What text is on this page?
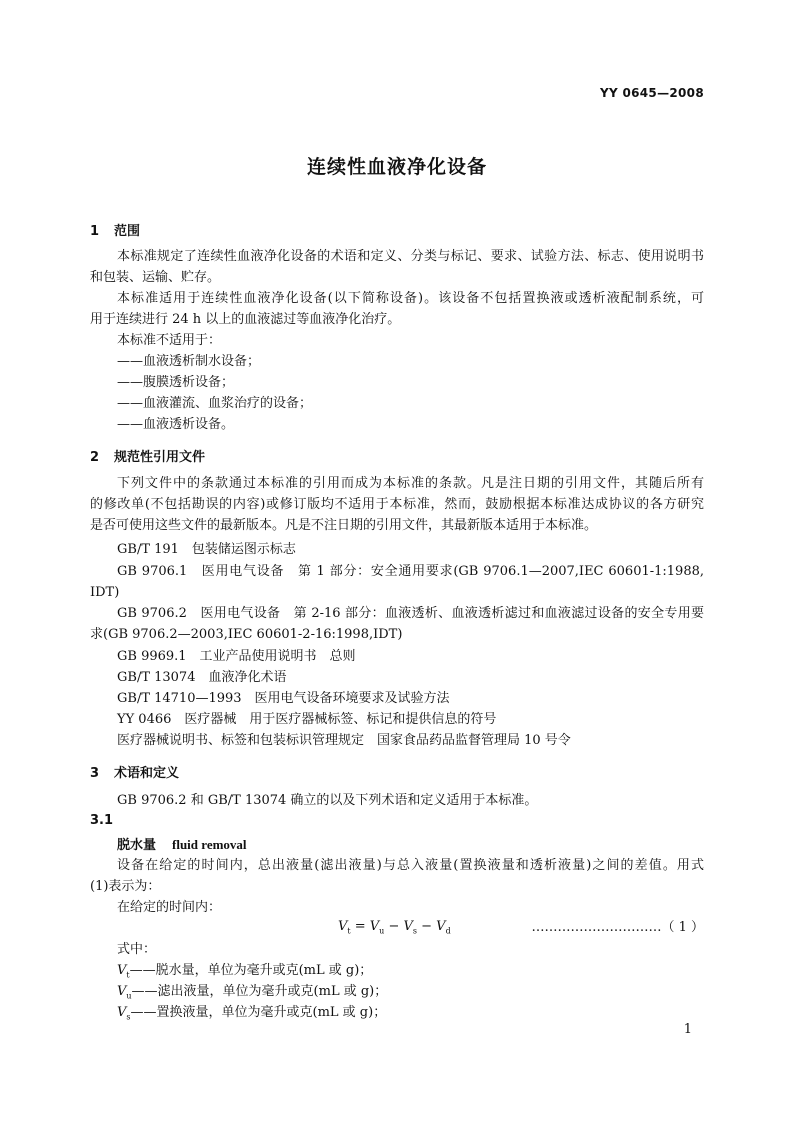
YY 0645—2008
连续性血液净化设备
1 范围
本标准规定了连续性血液净化设备的术语和定义、分类与标记、要求、试验方法、标志、使用说明书
和包装、运输、贮存。
本标准适用于连续性血液净化设备(以下简称设备)。该设备不包括置换液或透析液配制系统，可
用于连续进行 24 h 以上的血液滤过等血液净化治疗。
本标准不适用于：
——血液透析制水设备；
——腹膜透析设备；
——血液灌流、血浆治疗的设备；
——血液透析设备。
2 规范性引用文件
下列文件中的条款通过本标准的引用而成为本标准的条款。凡是注日期的引用文件，其随后所有
的修改单(不包括勘误的内容)或修订版均不适用于本标准，然而，鼓励根据本标准达成协议的各方研究
是否可使用这些文件的最新版本。凡是不注日期的引用文件，其最新版本适用于本标准。
GB/T 191　包装储运图示标志
GB 9706.1　医用电气设备　第 1 部分：安全通用要求(GB 9706.1—2007,IEC 60601-1:1988,
IDT)
GB 9706.2　医用电气设备　第 2-16 部分：血液透析、血液透析滤过和血液滤过设备的安全专用要
求(GB 9706.2—2003,IEC 60601-2-16:1998,IDT)
GB 9969.1　工业产品使用说明书　总则
GB/T 13074　血液净化术语
GB/T 14710—1993　医用电气设备环境要求及试验方法
YY 0466　医疗器械　用于医疗器械标签、标记和提供信息的符号
医疗器械说明书、标签和包装标识管理规定　国家食品药品监督管理局 10 号令
3 术语和定义
GB 9706.2 和 GB/T 13074 确立的以及下列术语和定义适用于本标准。
3.1
脱水量 fluid removal
设备在给定的时间内，总出液量(滤出液量)与总入液量(置换液量和透析液量)之间的差值。用式
(1)表示为：
在给定的时间内：
$V_t = V_u - V_s - V_d$	…………………………（ 1 ）
式中：
$V_t——$脱水量，单位为毫升或克(mL 或 g)；
$V_u——$滤出液量，单位为毫升或克(mL 或 g)；
$V_s——$置换液量，单位为毫升或克(mL 或 g)；
1
